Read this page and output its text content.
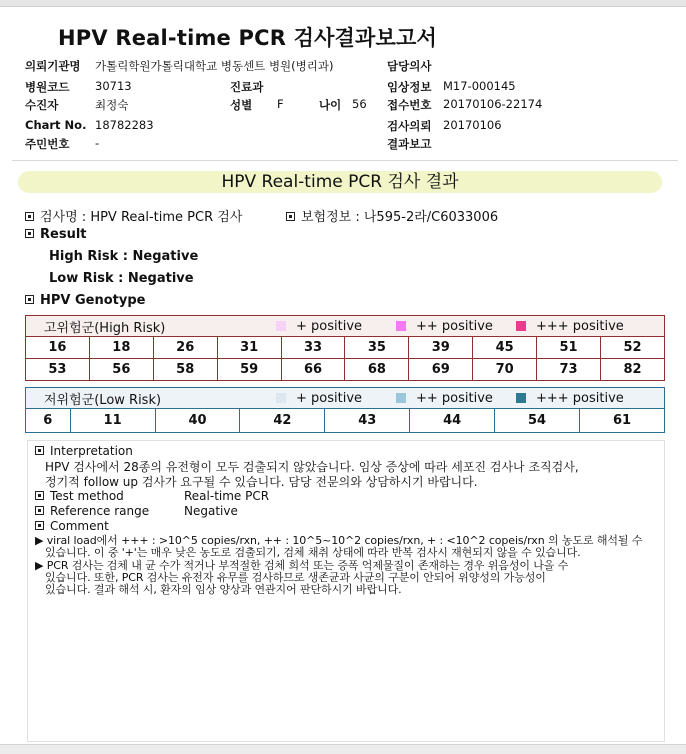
HPV Real-time PCR 검사결과보고서
의뢰기관명 가톨릭학원가톨릭대학교 병동센트 병원(병리과)	담당의사
병원코드 30713	진료과	임상정보 M17-000145
수진자	최정숙	성별 F	나이 56 접수번호 20170106-22174
Chart No. 18782283	검사의뢰 20170106
주민번호 -	결과보고
HPV Real-time PCR 검사 결과
검사명 : HPV Real-time PCR 검사	보험정보 : 나595-2라/C6033006
Result
High Risk : Negative
Low Risk : Negative
HPV Genotype
고위험군(High Risk) + positive ++ positive +++ positive									

16	18	26	31	33	35	39	45	51	52
53	56	58	59	66	68	69	70	73	82
저위험군(Low Risk)	+ positive	++ positive	+++ positive

6	11	40	42	43	44	54	61
Interpretation
HPV 검사에서 28종의 유전형이 모두 검출되지 않았습니다. 임상 증상에 따라 세포진 검사나 조직검사,
정기적 follow up 검사가 요구될 수 있습니다. 담당 전문의와 상담하시기 바랍니다.
Test method	Real-time PCR
Reference range	Negative
Comment
▶ viral load에서 +++ : >10^5 copies/rxn, ++ : 10^5~10^2 copies/rxn, + : <10^2 copeis/rxn 의 농도로 해석될 수
있습니다. 이 중 '+'는 매우 낮은 농도로 검출되기, 검체 채취 상태에 따라 반복 검사시 재현되지 않을 수 있습니다.
▶ PCR 검사는 검체 내 균 수가 적거나 부적절한 검체 희석 또는 증폭 억제물질이 존재하는 경우 위음성이 나올 수
있습니다. 또한, PCR 검사는 유전자 유무를 검사하므로 생존균과 사균의 구분이 안되어 위양성의 가능성이
있습니다. 결과 해석 시, 환자의 임상 양상과 연관지어 판단하시기 바랍니다.
